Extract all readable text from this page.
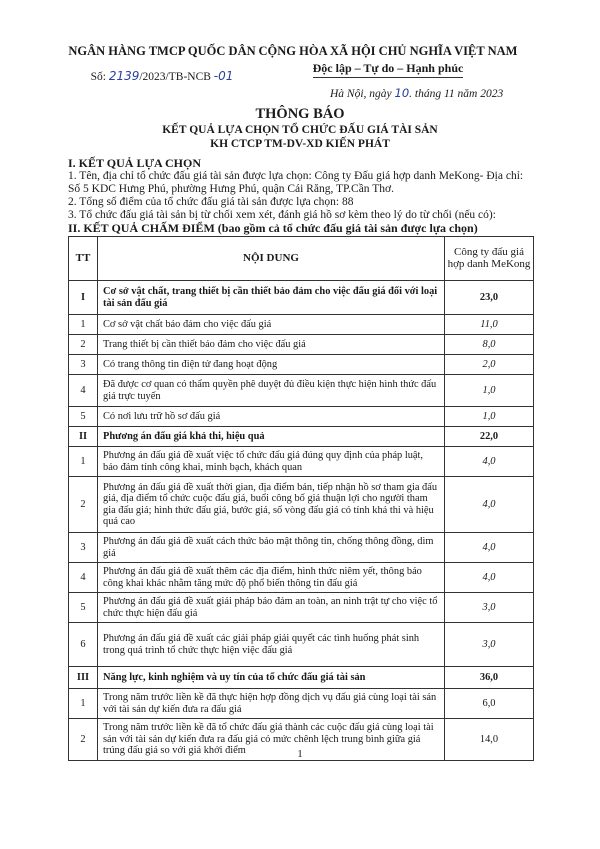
NGÂN HÀNG TMCP QUỐC DÂN
Số: 2139/2023/TB-NCB -01
CỘNG HÒA XÃ HỘI CHỦ NGHĨA VIỆT NAM
Độc lập – Tự do – Hạnh phúc
Hà Nội, ngày 10. tháng 11 năm 2023
THÔNG BÁO
KẾT QUẢ LỰA CHỌN TỔ CHỨC ĐẤU GIÁ TÀI SẢN
KH CTCP TM-DV-XD KIẾN PHÁT
I. KẾT QUẢ LỰA CHỌN
1. Tên, địa chỉ tổ chức đấu giá tài sản được lựa chọn: Công ty Đấu giá hợp danh MeKong- Địa chỉ: Số 5 KDC Hưng Phú, phường Hưng Phú, quận Cái Răng, TP.Cần Thơ.
2. Tổng số điểm của tổ chức đấu giá tài sản được lựa chọn: 88
3. Tổ chức đấu giá tài sản bị từ chối xem xét, đánh giá hồ sơ kèm theo lý do từ chối (nếu có):
II. KẾT QUẢ CHẤM ĐIỂM (bao gồm cả tổ chức đấu giá tài sản được lựa chọn)
TT	NỘI DUNG	Công ty đấu giá hợp danh MeKong
I	Cơ sở vật chất, trang thiết bị cần thiết bảo đảm cho việc đấu giá đối với loại tài sản đấu giá	23,0
1	Cơ sở vật chất bảo đảm cho việc đấu giá	11,0
2	Trang thiết bị cần thiết bảo đảm cho việc đấu giá	8,0
3	Có trang thông tin điện tử đang hoạt động	2,0
4	Đã được cơ quan có thẩm quyền phê duyệt đủ điều kiện thực hiện hình thức đấu giá trực tuyến	1,0
5	Có nơi lưu trữ hồ sơ đấu giá	1,0
II	Phương án đấu giá khả thi, hiệu quả	22,0
1	Phương án đấu giá đề xuất việc tổ chức đấu giá đúng quy định của pháp luật, bảo đảm tính công khai, minh bạch, khách quan	4,0
2	Phương án đấu giá đề xuất thời gian, địa điểm bán, tiếp nhận hồ sơ tham gia đấu giá, địa điểm tổ chức cuộc đấu giá, buổi công bố giá thuận lợi cho người tham gia đấu giá; hình thức đấu giá, bước giá, số vòng đấu giá có tính khả thi và hiệu quả cao	4,0
3	Phương án đấu giá đề xuất cách thức bảo mật thông tin, chống thông đồng, dìm giá	4,0
4	Phương án đấu giá đề xuất thêm các địa điểm, hình thức niêm yết, thông báo công khai khác nhằm tăng mức độ phổ biến thông tin đấu giá	4,0
5	Phương án đấu giá đề xuất giải pháp bảo đảm an toàn, an ninh trật tự cho việc tổ chức thực hiện đấu giá	3,0
6	Phương án đấu giá đề xuất các giải pháp giải quyết các tình huống phát sinh trong quá trình tổ chức thực hiện việc đấu giá	3,0
III	Năng lực, kinh nghiệm và uy tín của tổ chức đấu giá tài sản	36,0
1	Trong năm trước liền kề đã thực hiện hợp đồng dịch vụ đấu giá cùng loại tài sản với tài sản dự kiến đưa ra đấu giá	6,0
2	Trong năm trước liền kề đã tổ chức đấu giá thành các cuộc đấu giá cùng loại tài sản với tài sản dự kiến đưa ra đấu giá có mức chênh lệch trung bình giữa giá trúng đấu giá so với giá khởi điểm	14,0
1
